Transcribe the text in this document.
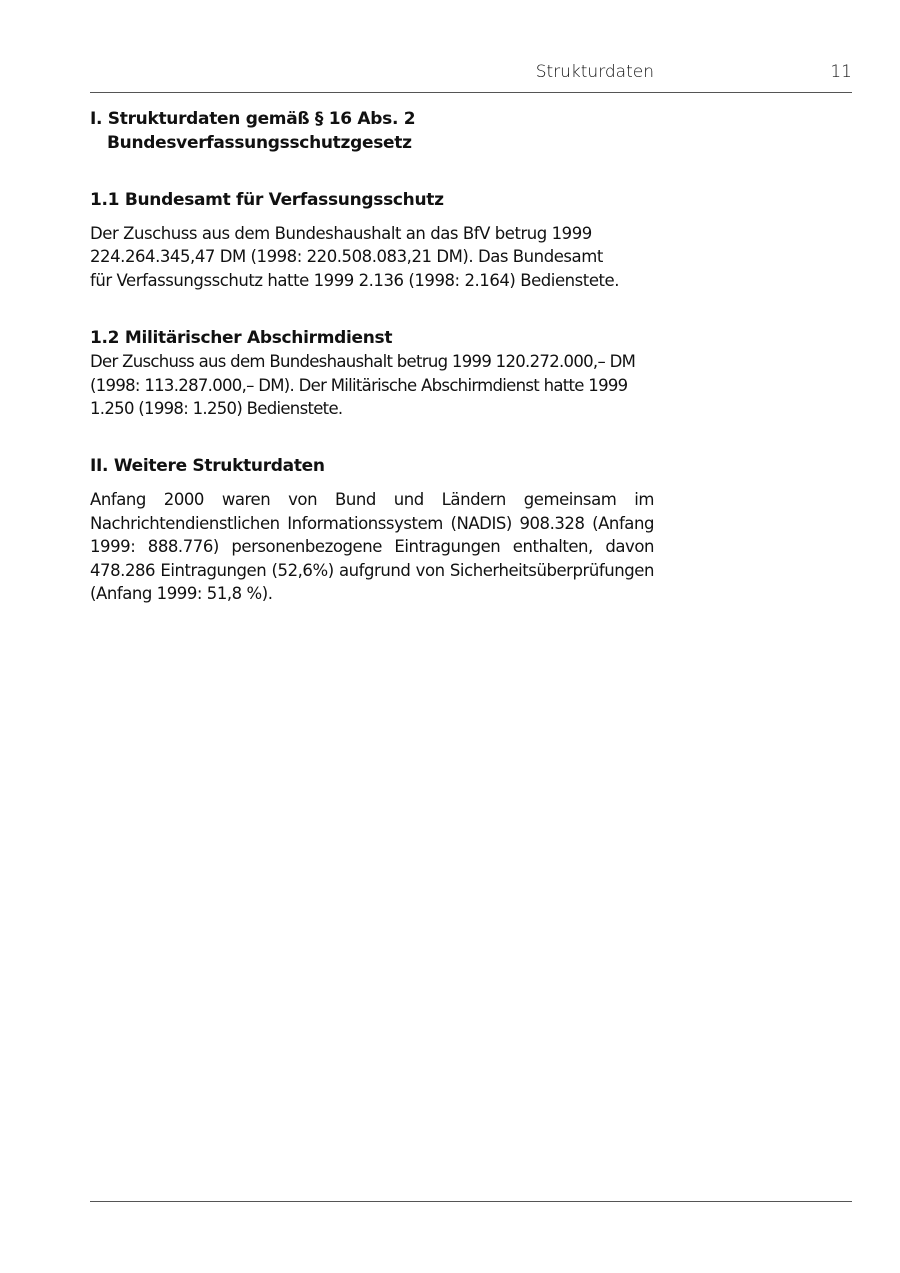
Strukturdaten	11
I. Strukturdaten gemäß § 16 Abs. 2
Bundesverfassungsschutzgesetz
1.1 Bundesamt für Verfassungsschutz

Der Zuschuss aus dem Bundeshaushalt an das BfV betrug 1999
224.264.345,47 DM (1998: 220.508.083,21 DM). Das Bundesamt
für Verfassungsschutz hatte 1999 2.136 (1998: 2.164) Bedienstete.

1.2 Militärischer Abschirmdienst

Der Zuschuss aus dem Bundeshaushalt betrug 1999 120.272.000,– DM
(1998: 113.287.000,– DM). Der Militärische Abschirmdienst hatte 1999
1.250 (1998: 1.250) Bedienstete.

II. Weitere Strukturdaten

Anfang 2000 waren von Bund und Ländern gemeinsam im Nachrichtendienstlichen Informationssystem (NADIS) 908.328 (Anfang 1999: 888.776) personenbezogene Eintragungen enthalten, davon 478.286 Eintragungen (52,6%) aufgrund von Sicherheitsüberprüfungen (Anfang 1999: 51,8 %).
